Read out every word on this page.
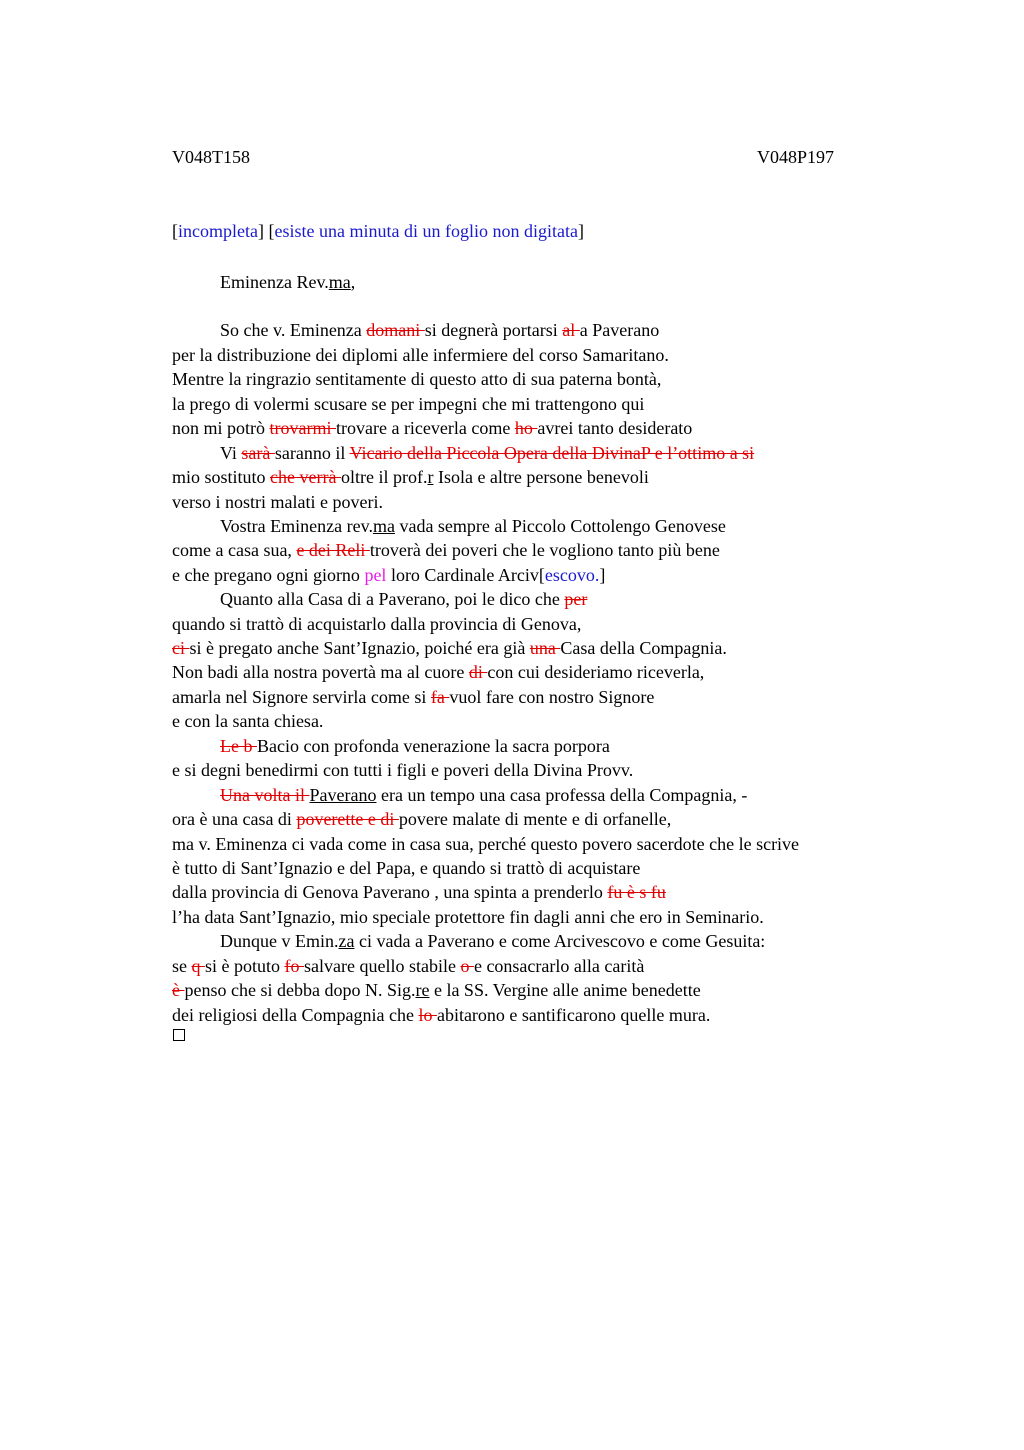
V048T158	V048P197
[incompleta] [esiste una minuta di un foglio non digitata]
Eminenza Rev.ma,
So che v. Eminenza domani si degnerà portarsi al a Paverano
per la distribuzione dei diplomi alle infermiere del corso Samaritano.
Mentre la ringrazio sentitamente di questo atto di sua paterna bontà,
la prego di volermi scusare se per impegni che mi trattengono qui
non mi potrò trovarmi trovare a riceverla come ho avrei tanto desiderato
Vi sarà saranno il Vicario della Piccola Opera della DivinaP e l’ottimo a si
mio sostituto che verrà oltre il prof.r Isola e altre persone benevoli
verso i nostri malati e poveri.
Vostra Eminenza rev.ma vada sempre al Piccolo Cottolengo Genovese
come a casa sua, e dei Reli troverà dei poveri che le vogliono tanto più bene
e che pregano ogni giorno pel loro Cardinale Arciv[escovo.]
Quanto alla Casa di a Paverano, poi le dico che per
quando si trattò di acquistarlo dalla provincia di Genova,
ci si è pregato anche Sant’Ignazio, poiché era già una Casa della Compagnia.
Non badi alla nostra povertà ma al cuore di con cui desideriamo riceverla,
amarla nel Signore servirla come si fa vuol fare con nostro Signore
e con la santa chiesa.
Le b Bacio con profonda venerazione la sacra porpora
e si degni benedirmi con tutti i figli e poveri della Divina Provv.
Una volta il Paverano era un tempo una casa professa della Compagnia, -
ora è una casa di poverette e di povere malate di mente e di orfanelle,
ma v. Eminenza ci vada come in casa sua, perché questo povero sacerdote che le scrive
è tutto di Sant’Ignazio e del Papa, e quando si trattò di acquistare
dalla provincia di Genova Paverano , una spinta a prenderlo fu è s fu
l’ha data Sant’Ignazio, mio speciale protettore fin dagli anni che ero in Seminario.
Dunque v Emin.za ci vada a Paverano e come Arcivescovo e come Gesuita:
se q si è potuto fo salvare quello stabile o e consacrarlo alla carità
è penso che si debba dopo N. Sig.re e la SS. Vergine alle anime benedette
dei religiosi della Compagnia che lo abitarono e santificarono quelle mura.
